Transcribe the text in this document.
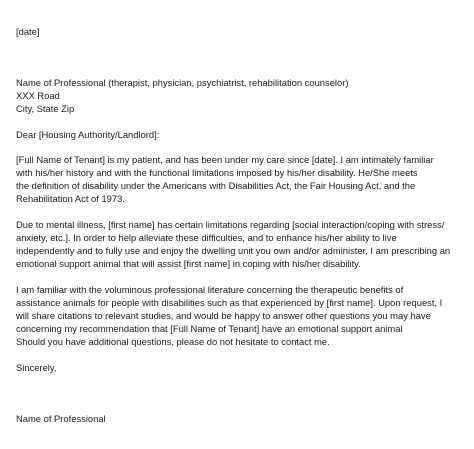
[date]
Name of Professional (therapist, physician, psychiatrist, rehabilitation counselor)
XXX Road
City, State Zip
Dear [Housing Authority/Landlord]:
[Full Name of Tenant] is my patient, and has been under my care since [date]. I am intimately familiar
with his/her history and with the functional limitations imposed by his/her disability. He/She meets
the definition of disability under the Americans with Disabilities Act, the Fair Housing Act, and the
Rehabilitation Act of 1973.
Due to mental illness, [first name] has certain limitations regarding [social interaction/coping with stress/
anxiety, etc.]. In order to help alleviate these difficulties, and to enhance his/her ability to live
independently and to fully use and enjoy the dwelling unit you own and/or administer, I am prescribing an
emotional support animal that will assist [first name] in coping with his/her disability.
I am familiar with the voluminous professional literature concerning the therapeutic benefits of
assistance animals for people with disabilities such as that experienced by [first name]. Upon request, I
will share citations to relevant studies, and would be happy to answer other questions you may have
concerning my recommendation that [Full Name of Tenant] have an emotional support animal
Should you have additional questions, please do not hesitate to contact me.
Sincerely,
Name of Professional
